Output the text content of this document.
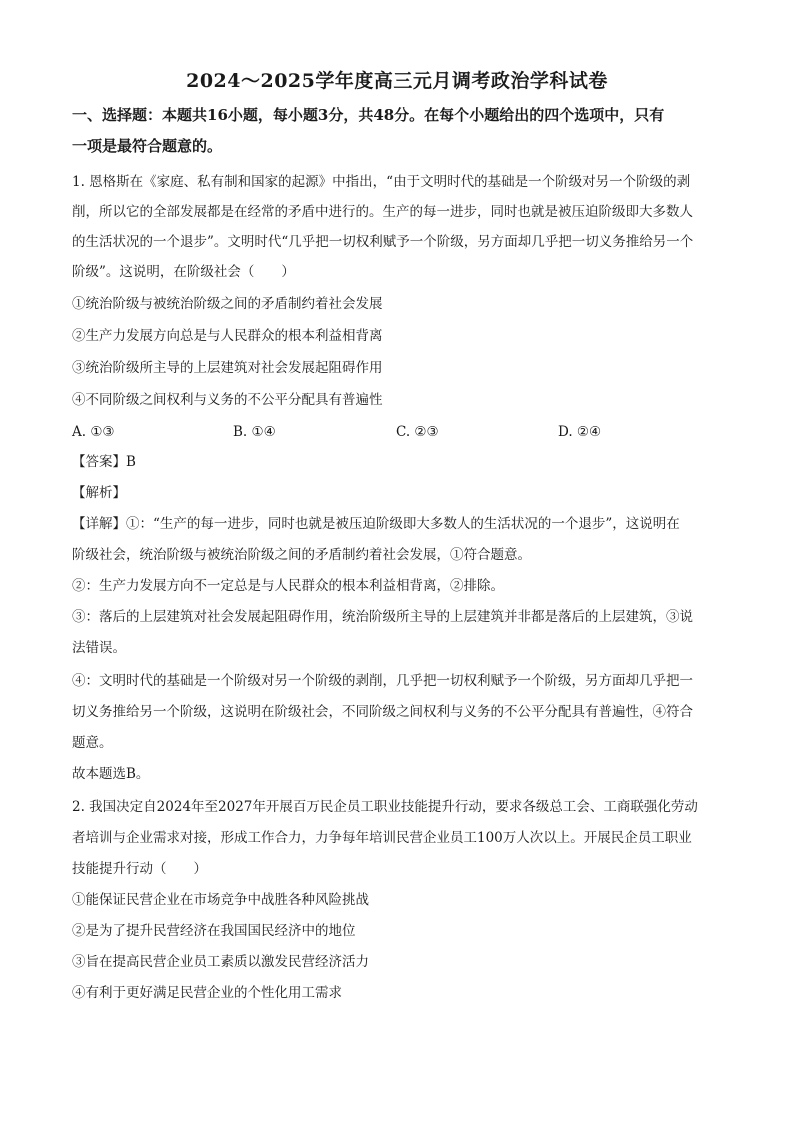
2024～2025学年度高三元月调考政治学科试卷
一、选择题：本题共16小题，每小题3分，共48分。在每个小题给出的四个选项中，只有
一项是最符合题意的。
1. 恩格斯在《家庭、私有制和国家的起源》中指出，“由于文明时代的基础是一个阶级对另一个阶级的剥
削，所以它的全部发展都是在经常的矛盾中进行的。生产的每一进步，同时也就是被压迫阶级即大多数人
的生活状况的一个退步”。文明时代“几乎把一切权利赋予一个阶级，另方面却几乎把一切义务推给另一个
阶级”。这说明，在阶级社会（　　）
①统治阶级与被统治阶级之间的矛盾制约着社会发展
②生产力发展方向总是与人民群众的根本利益相背离
③统治阶级所主导的上层建筑对社会发展起阻碍作用
④不同阶级之间权利与义务的不公平分配具有普遍性
A. ①③	B. ①④	C. ②③	D. ②④
【答案】B
【解析】
【详解】①：“生产的每一进步，同时也就是被压迫阶级即大多数人的生活状况的一个退步”，这说明在
阶级社会，统治阶级与被统治阶级之间的矛盾制约着社会发展，①符合题意。
②：生产力发展方向不一定总是与人民群众的根本利益相背离，②排除。
③：落后的上层建筑对社会发展起阻碍作用，统治阶级所主导的上层建筑并非都是落后的上层建筑，③说
法错误。
④：文明时代的基础是一个阶级对另一个阶级的剥削，几乎把一切权利赋予一个阶级，另方面却几乎把一
切义务推给另一个阶级，这说明在阶级社会，不同阶级之间权利与义务的不公平分配具有普遍性，④符合
题意。
故本题选B。
2. 我国决定自2024年至2027年开展百万民企员工职业技能提升行动，要求各级总工会、工商联强化劳动
者培训与企业需求对接，形成工作合力，力争每年培训民营企业员工100万人次以上。开展民企员工职业
技能提升行动（　　）
①能保证民营企业在市场竞争中战胜各种风险挑战
②是为了提升民营经济在我国国民经济中的地位
③旨在提高民营企业员工素质以激发民营经济活力
④有利于更好满足民营企业的个性化用工需求
